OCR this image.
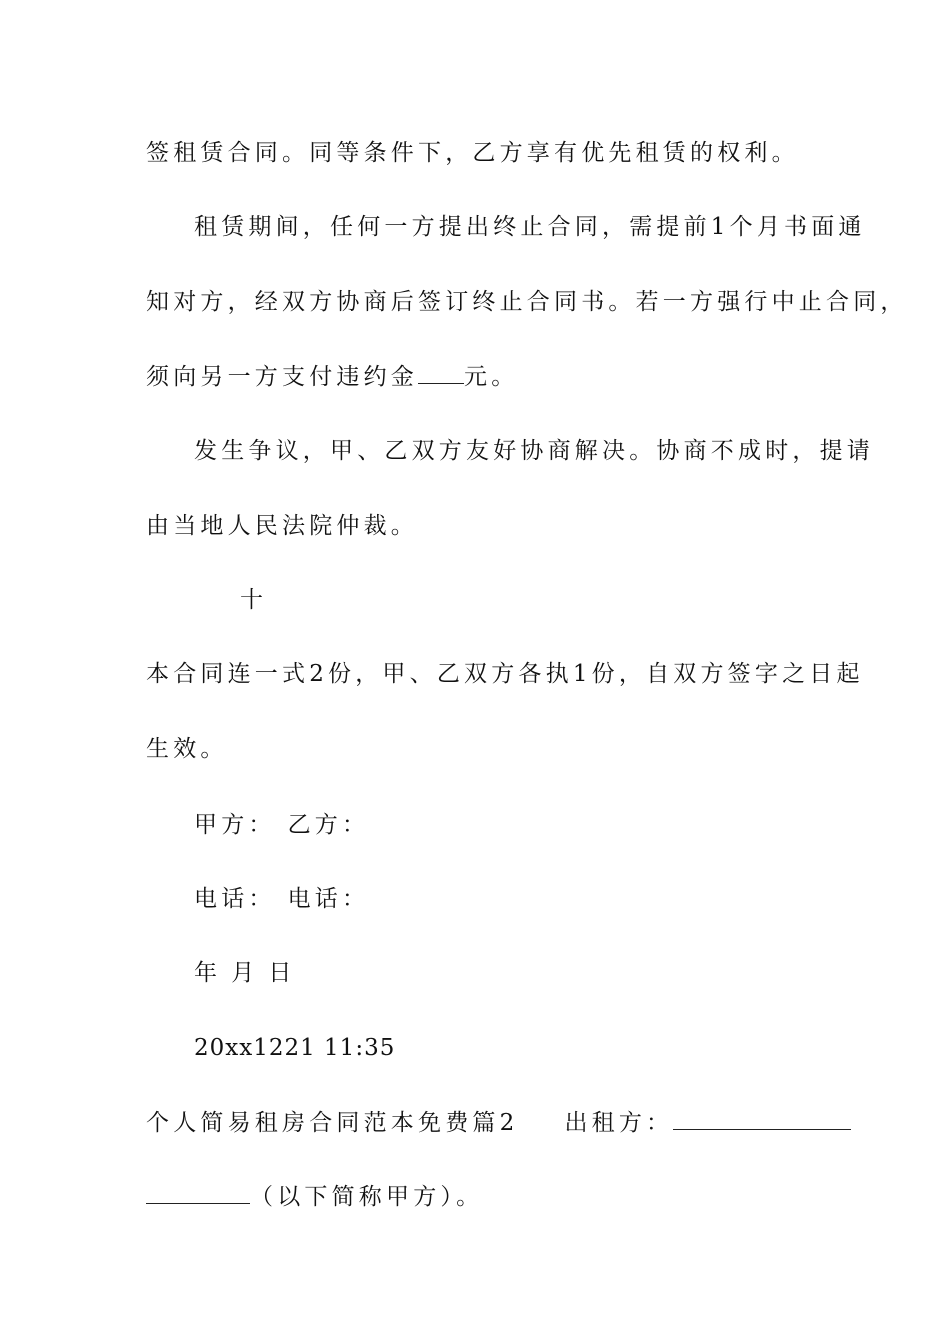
签租赁合同。同等条件下，乙方享有优先租赁的权利。
租赁期间，任何一方提出终止合同，需提前1个月书面通
知对方，经双方协商后签订终止合同书。若一方强行中止合同，
须向另一方支付违约金 元。
发生争议，甲、乙双方友好协商解决。协商不成时，提请
由当地人民法院仲裁。
十
本合同连一式2份，甲、乙双方各执1份，自双方签字之日起
生效。
甲方： 乙方：
电话： 电话：
年 月 日
20xx1221 11:35
个人简易租房合同范本免费篇2 出租方：
（以下简称甲方）。
